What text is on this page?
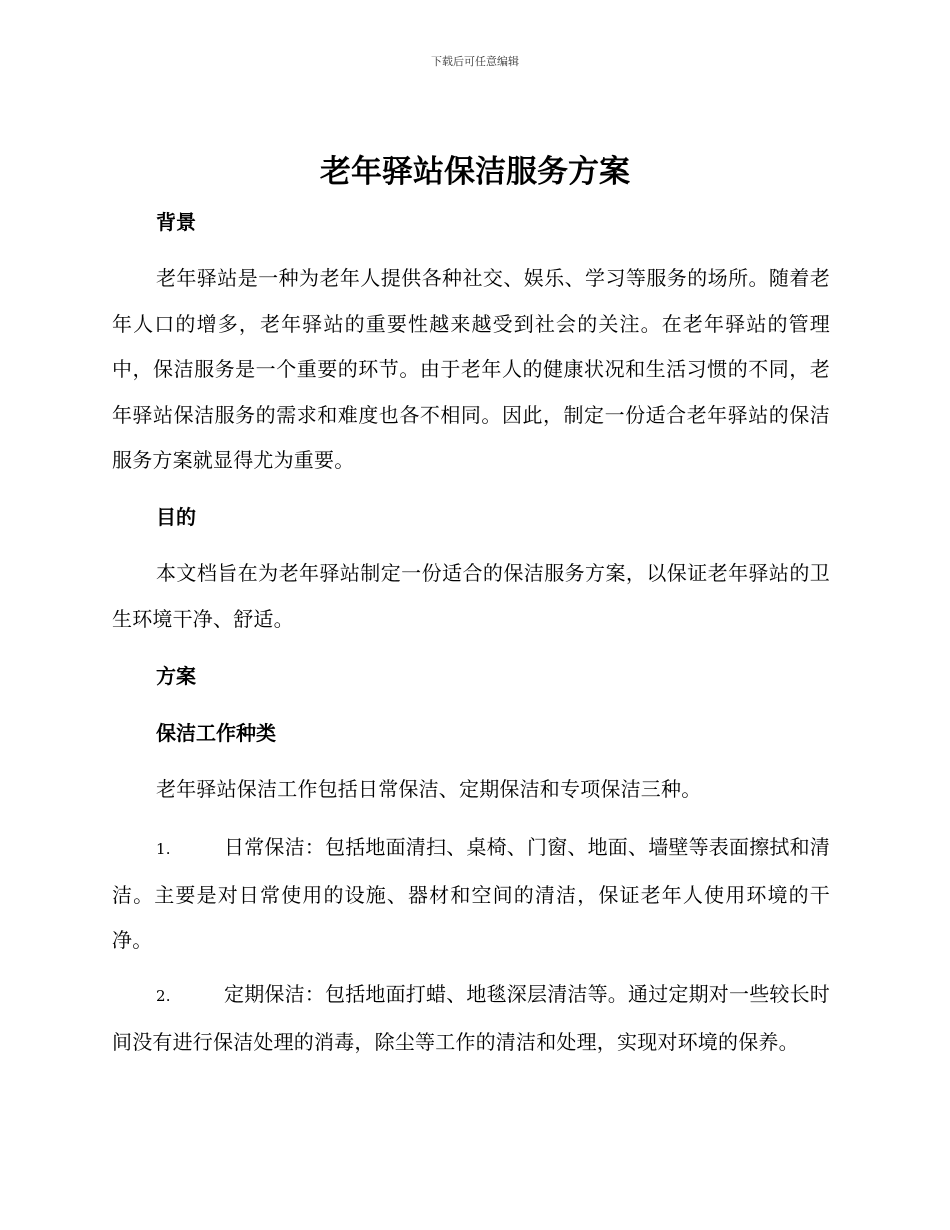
下载后可任意编辑
老年驿站保洁服务方案
背景

老年驿站是一种为老年人提供各种社交、娱乐、学习等服务的场所。随着老年人口的增多，老年驿站的重要性越来越受到社会的关注。在老年驿站的管理中，保洁服务是一个重要的环节。由于老年人的健康状况和生活习惯的不同，老年驿站保洁服务的需求和难度也各不相同。因此，制定一份适合老年驿站的保洁服务方案就显得尤为重要。

目的

本文档旨在为老年驿站制定一份适合的保洁服务方案，以保证老年驿站的卫生环境干净、舒适。

方案
保洁工作种类

老年驿站保洁工作包括日常保洁、定期保洁和专项保洁三种。

1.	日常保洁：包括地面清扫、桌椅、门窗、地面、墙壁等表面擦拭和清洁。主要是对日常使用的设施、器材和空间的清洁，保证老年人使用环境的干净。

2.	定期保洁：包括地面打蜡、地毯深层清洁等。通过定期对一些较长时间没有进行保洁处理的消毒，除尘等工作的清洁和处理，实现对环境的保养。
